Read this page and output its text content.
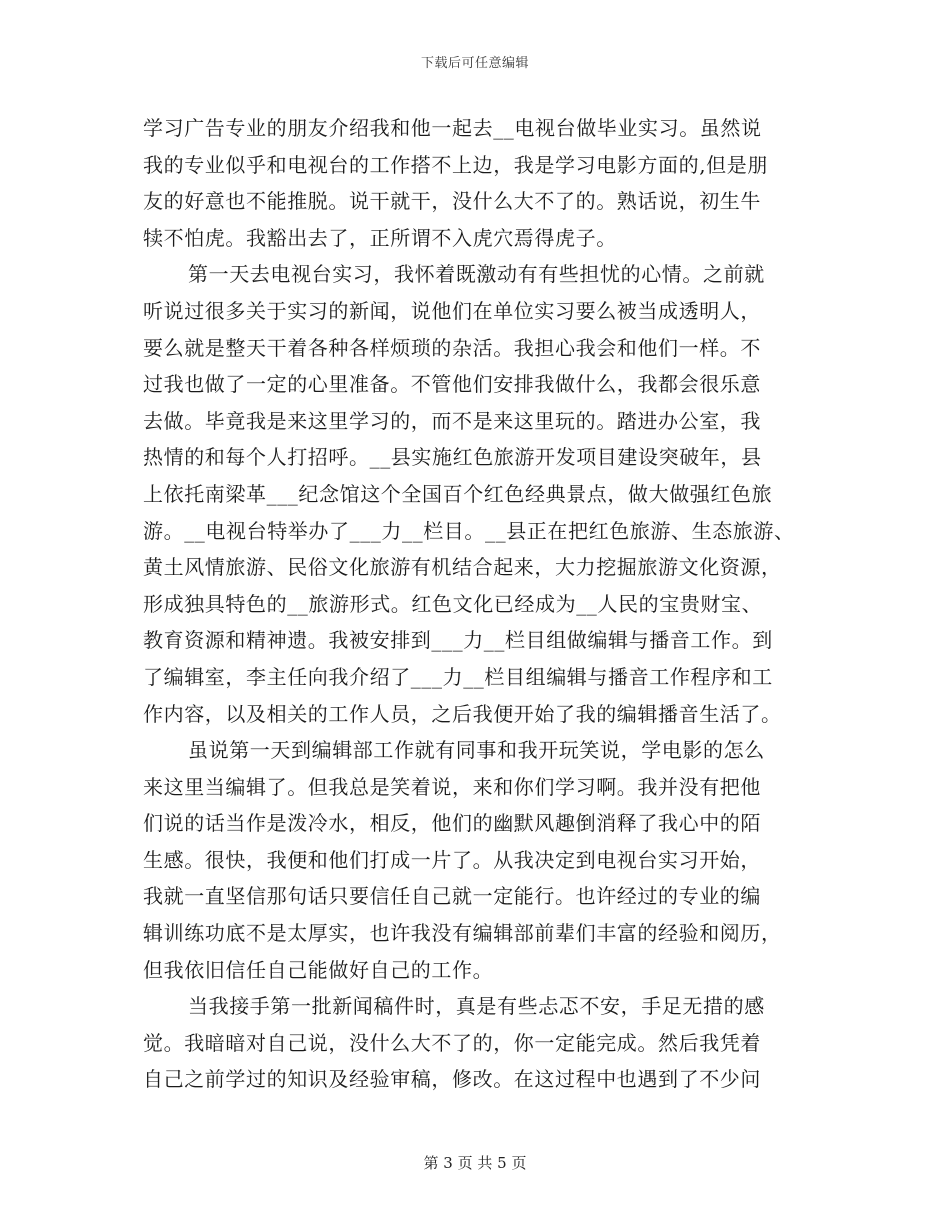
下载后可任意编辑
学习广告专业的朋友介绍我和他一起去__电视台做毕业实习。虽然说
我的专业似乎和电视台的工作搭不上边，我是学习电影方面的,但是朋
友的好意也不能推脱。说干就干，没什么大不了的。熟话说，初生牛
犊不怕虎。我豁出去了，正所谓不入虎穴焉得虎子。
第一天去电视台实习，我怀着既激动有有些担忧的心情。之前就
听说过很多关于实习的新闻，说他们在单位实习要么被当成透明人，
要么就是整天干着各种各样烦琐的杂活。我担心我会和他们一样。不
过我也做了一定的心里准备。不管他们安排我做什么，我都会很乐意
去做。毕竟我是来这里学习的，而不是来这里玩的。踏进办公室，我
热情的和每个人打招呼。__县实施红色旅游开发项目建设突破年，县
上依托南梁革___纪念馆这个全国百个红色经典景点，做大做强红色旅
游。__电视台特举办了___力__栏目。__县正在把红色旅游、生态旅游、
黄土风情旅游、民俗文化旅游有机结合起来，大力挖掘旅游文化资源，
形成独具特色的__旅游形式。红色文化已经成为__人民的宝贵财宝、
教育资源和精神遗。我被安排到___力__栏目组做编辑与播音工作。到
了编辑室，李主任向我介绍了___力__栏目组编辑与播音工作程序和工
作内容，以及相关的工作人员，之后我便开始了我的编辑播音生活了。
虽说第一天到编辑部工作就有同事和我开玩笑说，学电影的怎么
来这里当编辑了。但我总是笑着说，来和你们学习啊。我并没有把他
们说的话当作是泼冷水，相反，他们的幽默风趣倒消释了我心中的陌
生感。很快，我便和他们打成一片了。从我决定到电视台实习开始，
我就一直坚信那句话只要信任自己就一定能行。也许经过的专业的编
辑训练功底不是太厚实，也许我没有编辑部前辈们丰富的经验和阅历，
但我依旧信任自己能做好自己的工作。
当我接手第一批新闻稿件时，真是有些忐忑不安，手足无措的感
觉。我暗暗对自己说，没什么大不了的，你一定能完成。然后我凭着
自己之前学过的知识及经验审稿，修改。在这过程中也遇到了不少问
第 3 页 共 5 页
